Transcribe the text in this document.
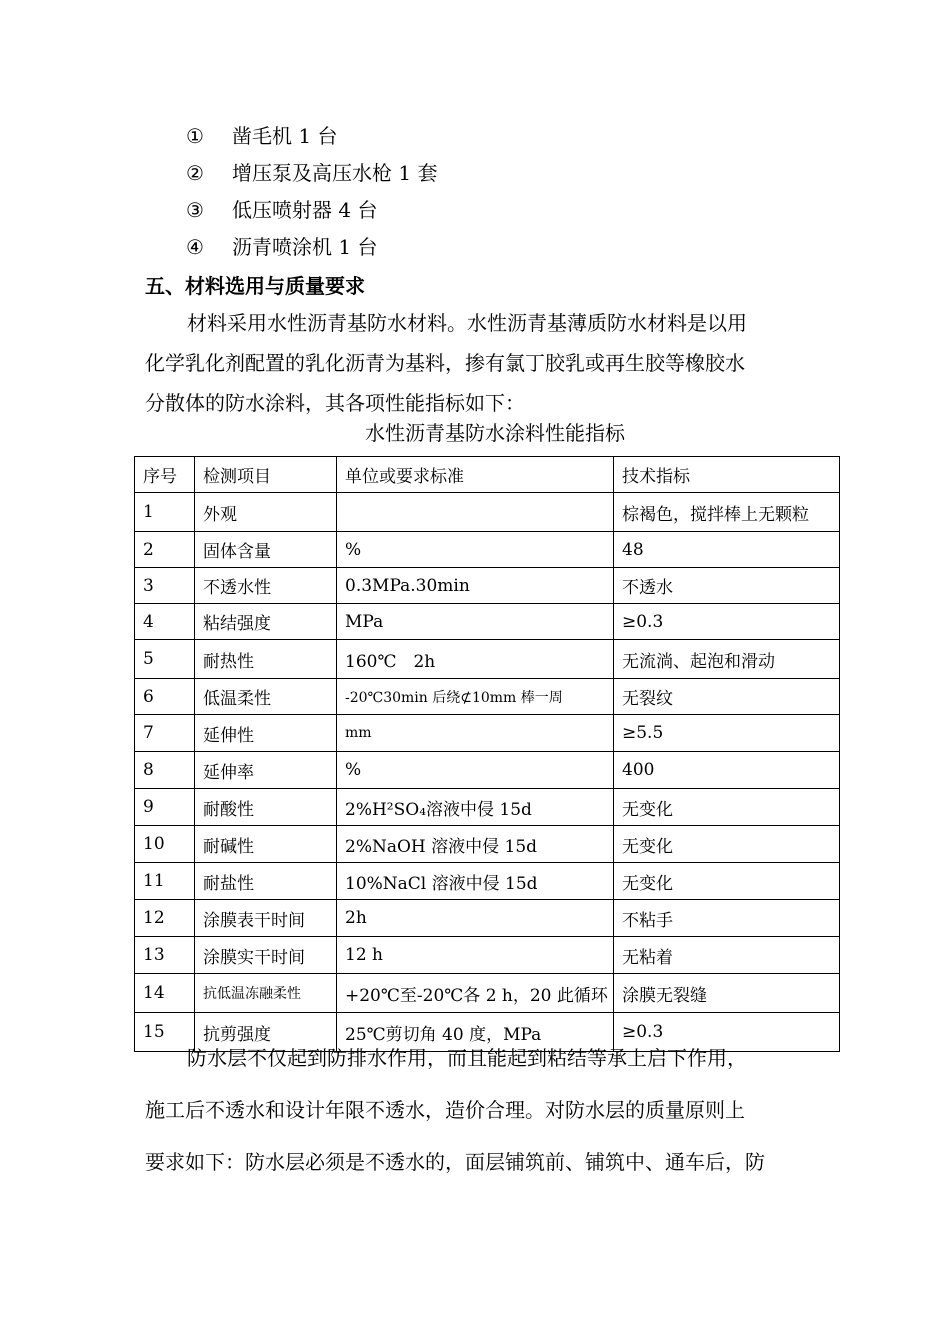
① 凿毛机 1 台
② 增压泵及高压水枪 1 套
③ 低压喷射器 4 台
④ 沥青喷涂机 1 台
五、材料选用与质量要求
材料采用水性沥青基防水材料。水性沥青基薄质防水材料是以用
化学乳化剂配置的乳化沥青为基料，掺有氯丁胶乳或再生胶等橡胶水
分散体的防水涂料，其各项性能指标如下：
水性沥青基防水涂料性能指标
序号	检测项目	单位或要求标准	技术指标
1	外观		棕褐色，搅拌棒上无颗粒
2	固体含量	%	48
3	不透水性	0.3MPa.30min	不透水
4	粘结强度	MPa	≥0.3
5	耐热性	160℃　2h	无流淌、起泡和滑动
6	低温柔性	-20℃30min 后绕⊄10mm 棒一周	无裂纹
7	延伸性	mm	≥5.5
8	延伸率	%	400
9	耐酸性	2%H²SO₄溶液中侵 15d	无变化
10	耐碱性	2%NaOH 溶液中侵 15d	无变化
11	耐盐性	10%NaCl 溶液中侵 15d	无变化
12	涂膜表干时间	2h	不粘手
13	涂膜实干时间	12 h	无粘着
14	抗低温冻融柔性	+20℃至-20℃各 2 h，20 此循环	涂膜无裂缝
15	抗剪强度	25℃剪切角 40 度，MPa	≥0.3
防水层不仅起到防排水作用，而且能起到粘结等承上启下作用，
施工后不透水和设计年限不透水，造价合理。对防水层的质量原则上
要求如下：防水层必须是不透水的，面层铺筑前、铺筑中、通车后，防
